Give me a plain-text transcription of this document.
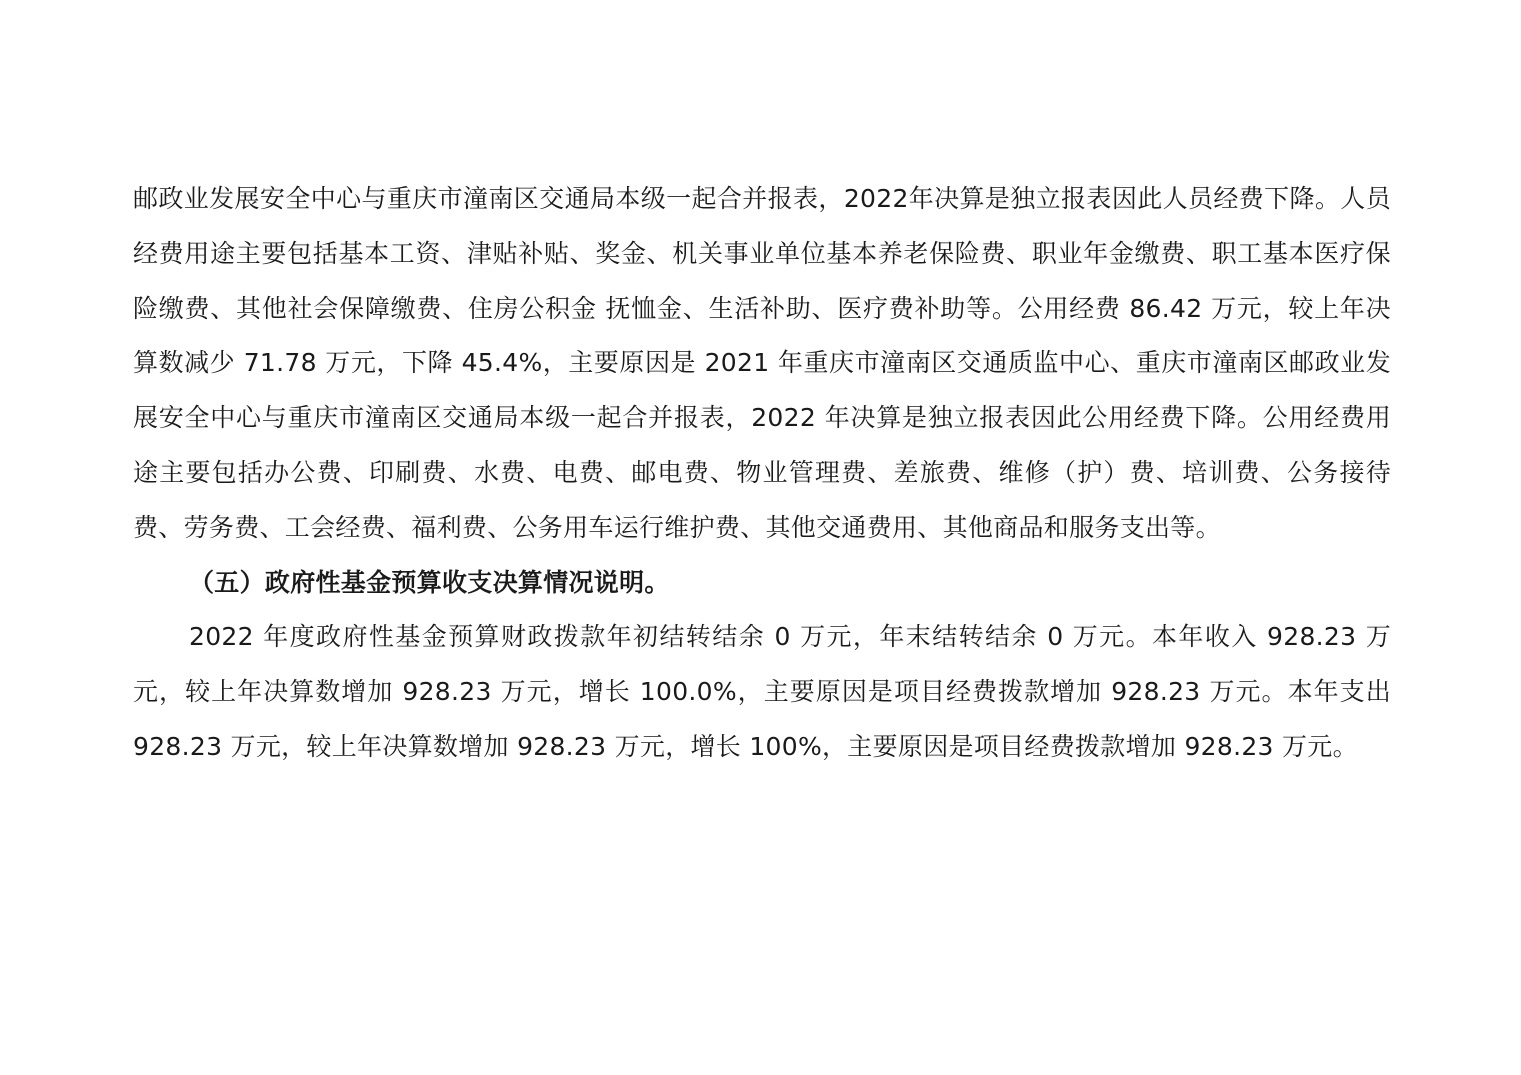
邮政业发展安全中心与重庆市潼南区交通局本级一起合并报表，2022年决算是独立报表因此人员经费下降。人员经费用途主要包括基本工资、津贴补贴、奖金、机关事业单位基本养老保险费、职业年金缴费、职工基本医疗保险缴费、其他社会保障缴费、住房公积金 抚恤金、生活补助、医疗费补助等。公用经费 86.42 万元，较上年决算数减少 71.78 万元，下降 45.4%，主要原因是 2021 年重庆市潼南区交通质监中心、重庆市潼南区邮政业发展安全中心与重庆市潼南区交通局本级一起合并报表，2022 年决算是独立报表因此公用经费下降。公用经费用途主要包括办公费、印刷费、水费、电费、邮电费、物业管理费、差旅费、维修（护）费、培训费、公务接待费、劳务费、工会经费、福利费、公务用车运行维护费、其他交通费用、其他商品和服务支出等。

（五）政府性基金预算收支决算情况说明。

2022 年度政府性基金预算财政拨款年初结转结余 0 万元，年末结转结余 0 万元。本年收入 928.23 万元，较上年决算数增加 928.23 万元，增长 100.0%，主要原因是项目经费拨款增加 928.23 万元。本年支出 928.23 万元，较上年决算数增加 928.23 万元，增长 100%，主要原因是项目经费拨款增加 928.23 万元。
